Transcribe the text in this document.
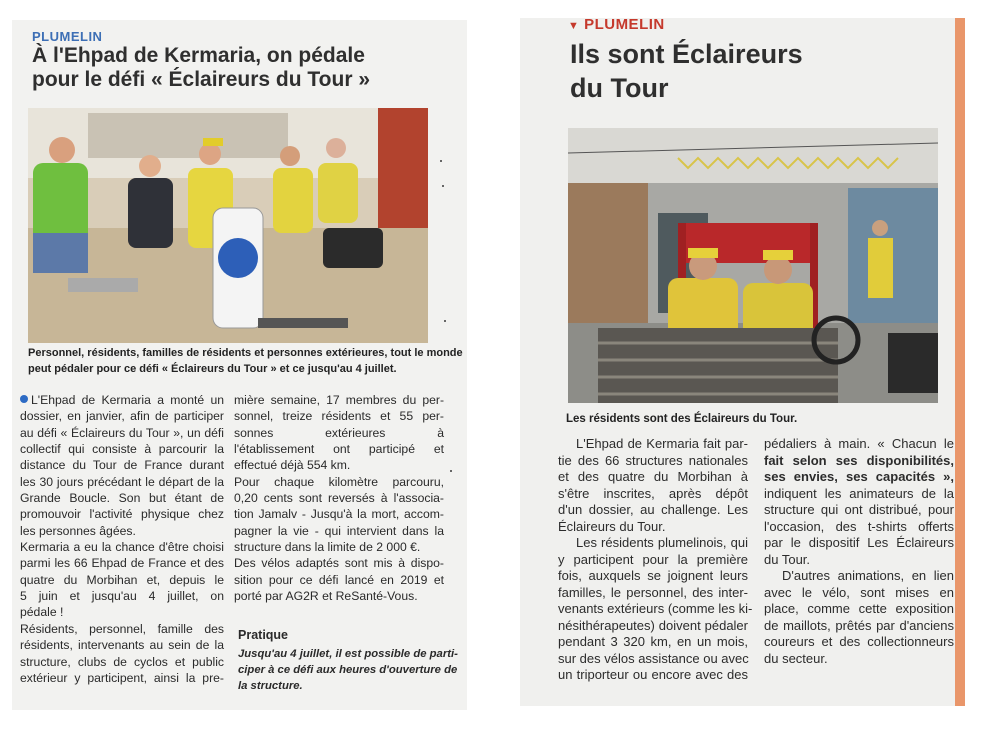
PLUMELIN
À l'Ehpad de Kermaria, on pédale
pour le défi « Éclaireurs du Tour »
Personnel, résidents, familles de résidents et personnes extérieures, tout le monde
peut pédaler pour ce défi « Éclaireurs du Tour » et ce jusqu'au 4 juillet.
L'Ehpad de Kermaria a monté un
dossier, en janvier, afin de participer
au défi « Éclaireurs du Tour », un défi
collectif qui consiste à parcourir la
distance du Tour de France durant
les 30 jours précédant le départ de la
Grande Boucle. Son but étant de
promouvoir l'activité physique chez
les personnes âgées.
Kermaria a eu la chance d'être choisi
parmi les 66 Ehpad de France et des
quatre du Morbihan et, depuis le
5 juin et jusqu'au 4 juillet, on
pédale !
Résidents, personnel, famille des
résidents, intervenants au sein de la
structure, clubs de cyclos et public
extérieur y participent, ainsi la pre-
mière semaine, 17 membres du per-
sonnel, treize résidents et 55 per-
sonnes extérieures à
l'établissement ont participé et
effectué déjà 554 km.
Pour chaque kilomètre parcouru,
0,20 cents sont reversés à l'associa-
tion Jamalv - Jusqu'à la mort, accom-
pagner la vie - qui intervient dans la
structure dans la limite de 2 000 €.
Des vélos adaptés sont mis à dispo-
sition pour ce défi lancé en 2019 et
porté par AG2R et ReSanté-Vous.
Pratique
Jusqu'au 4 juillet, il est possible de parti-
ciper à ce défi aux heures d'ouverture de
la structure.
▼ PLUMELIN
Ils sont Éclaireurs
du Tour
Les résidents sont des Éclaireurs du Tour.
L'Ehpad de Kermaria fait par-
tie des 66 structures nationales
et des quatre du Morbihan à
s'être inscrites, après dépôt
d'un dossier, au challenge. Les
Éclaireurs du Tour.
Les résidents plumelinois, qui
y participent pour la première
fois, auxquels se joignent leurs
familles, le personnel, des inter-
venants extérieurs (comme les ki-
nésithérapeutes) doivent pédaler
pendant 3 320 km, en un mois,
sur des vélos assistance ou avec
un triporteur ou encore avec des
pédaliers à main. « Chacun le
fait selon ses disponibilités,
ses envies, ses capacités »,
indiquent les animateurs de la
structure qui ont distribué, pour
l'occasion, des t-shirts offerts
par le dispositif Les Éclaireurs
du Tour.
D'autres animations, en lien
avec le vélo, sont mises en
place, comme cette exposition
de maillots, prêtés par d'anciens
coureurs et des collectionneurs
du secteur.
